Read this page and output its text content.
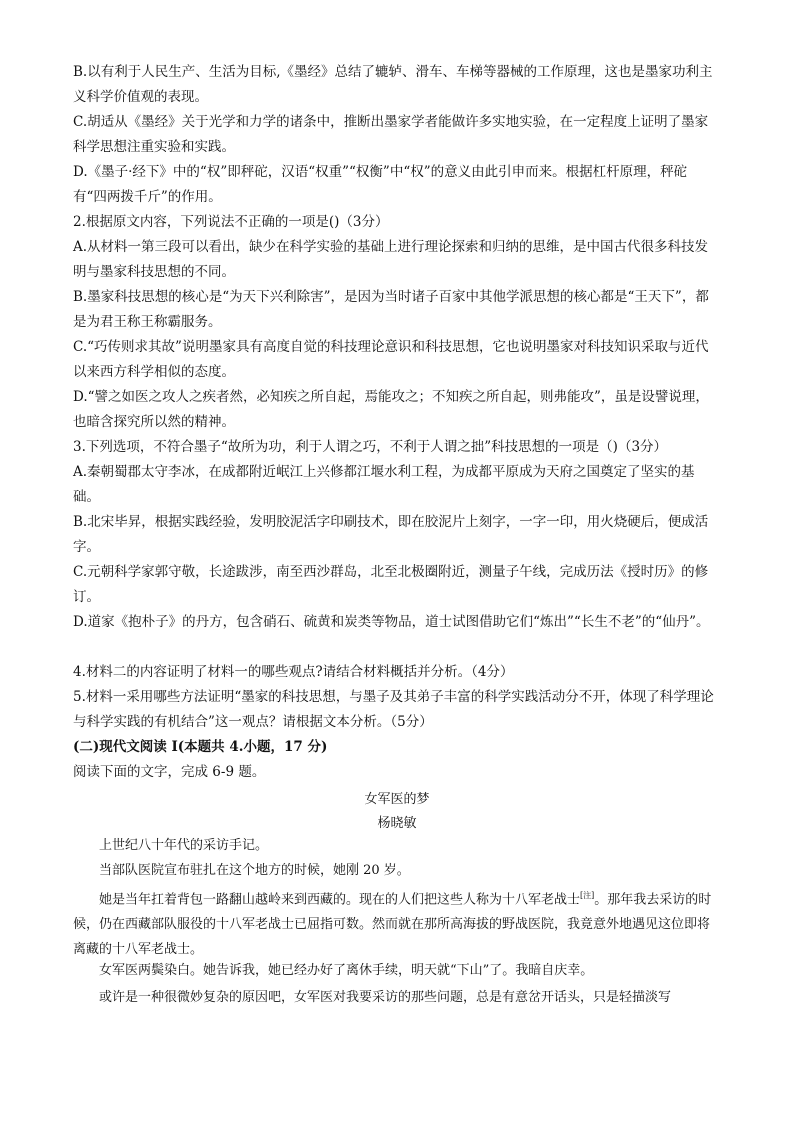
B.以有利于人民生产、生活为目标,《墨经》总结了辘轳、滑车、车梯等器械的工作原理，这也是墨家功利主义科学价值观的表现。

C.胡适从《墨经》关于光学和力学的诸条中，推断出墨家学者能做许多实地实验，在一定程度上证明了墨家科学思想注重实验和实践。

D.《墨子·经下》中的“权”即秤砣，汉语“权重”“权衡”中“权”的意义由此引申而来。根据杠杆原理，秤砣有“四两拨千斤”的作用。

2.根据原文内容，下列说法不正确的一项是()（3分）

A.从材料一第三段可以看出，缺少在科学实验的基础上进行理论探索和归纳的思维，是中国古代很多科技发明与墨家科技思想的不同。

B.墨家科技思想的核心是“为天下兴利除害”，是因为当时诸子百家中其他学派思想的核心都是“王天下”，都是为君王称王称霸服务。

C.“巧传则求其故”说明墨家具有高度自觉的科技理论意识和科技思想，它也说明墨家对科技知识采取与近代以来西方科学相似的态度。

D.“譬之如医之攻人之疾者然，必知疾之所自起，焉能攻之；不知疾之所自起，则弗能攻”，虽是设譬说理，也暗含探究所以然的精神。

3.下列选项，不符合墨子“故所为功，利于人谓之巧，不利于人谓之拙”科技思想的一项是（)（3分）

A.秦朝蜀郡太守李冰，在成都附近岷江上兴修都江堰水利工程，为成都平原成为天府之国奠定了坚实的基础。

B.北宋毕昇，根据实践经验，发明胶泥活字印刷技术，即在胶泥片上刻字，一字一印，用火烧硬后，便成活字。

C.元朝科学家郭守敬，长途跋涉，南至西沙群岛，北至北极圈附近，测量子午线，完成历法《授时历》的修订。

D.道家《抱朴子》的丹方，包含硝石、硫黄和炭类等物品，道士试图借助它们“炼出”“长生不老”的“仙丹”。

4.材料二的内容证明了材料一的哪些观点?请结合材料概括并分析。（4分）

5.材料一采用哪些方法证明“墨家的科技思想，与墨子及其弟子丰富的科学实践活动分不开，体现了科学理论与科学实践的有机结合”这一观点？请根据文本分析。（5分）

(二)现代文阅读 I(本题共 4.小题，17 分)

阅读下面的文字，完成 6-9 题。

女军医的梦

杨晓敏

上世纪八十年代的采访手记。

当部队医院宣布驻扎在这个地方的时候，她刚 20 岁。

她是当年扛着背包一路翻山越岭来到西藏的。现在的人们把这些人称为十八军老战士[注]。那年我去采访的时候，仍在西藏部队服役的十八军老战士已屈指可数。然而就在那所高海拔的野战医院，我竟意外地遇见这位即将离藏的十八军老战士。

女军医两鬓染白。她告诉我，她已经办好了离休手续，明天就“下山”了。我暗自庆幸。

或许是一种很微妙复杂的原因吧，女军医对我要采访的那些问题，总是有意岔开话头，只是轻描淡写
